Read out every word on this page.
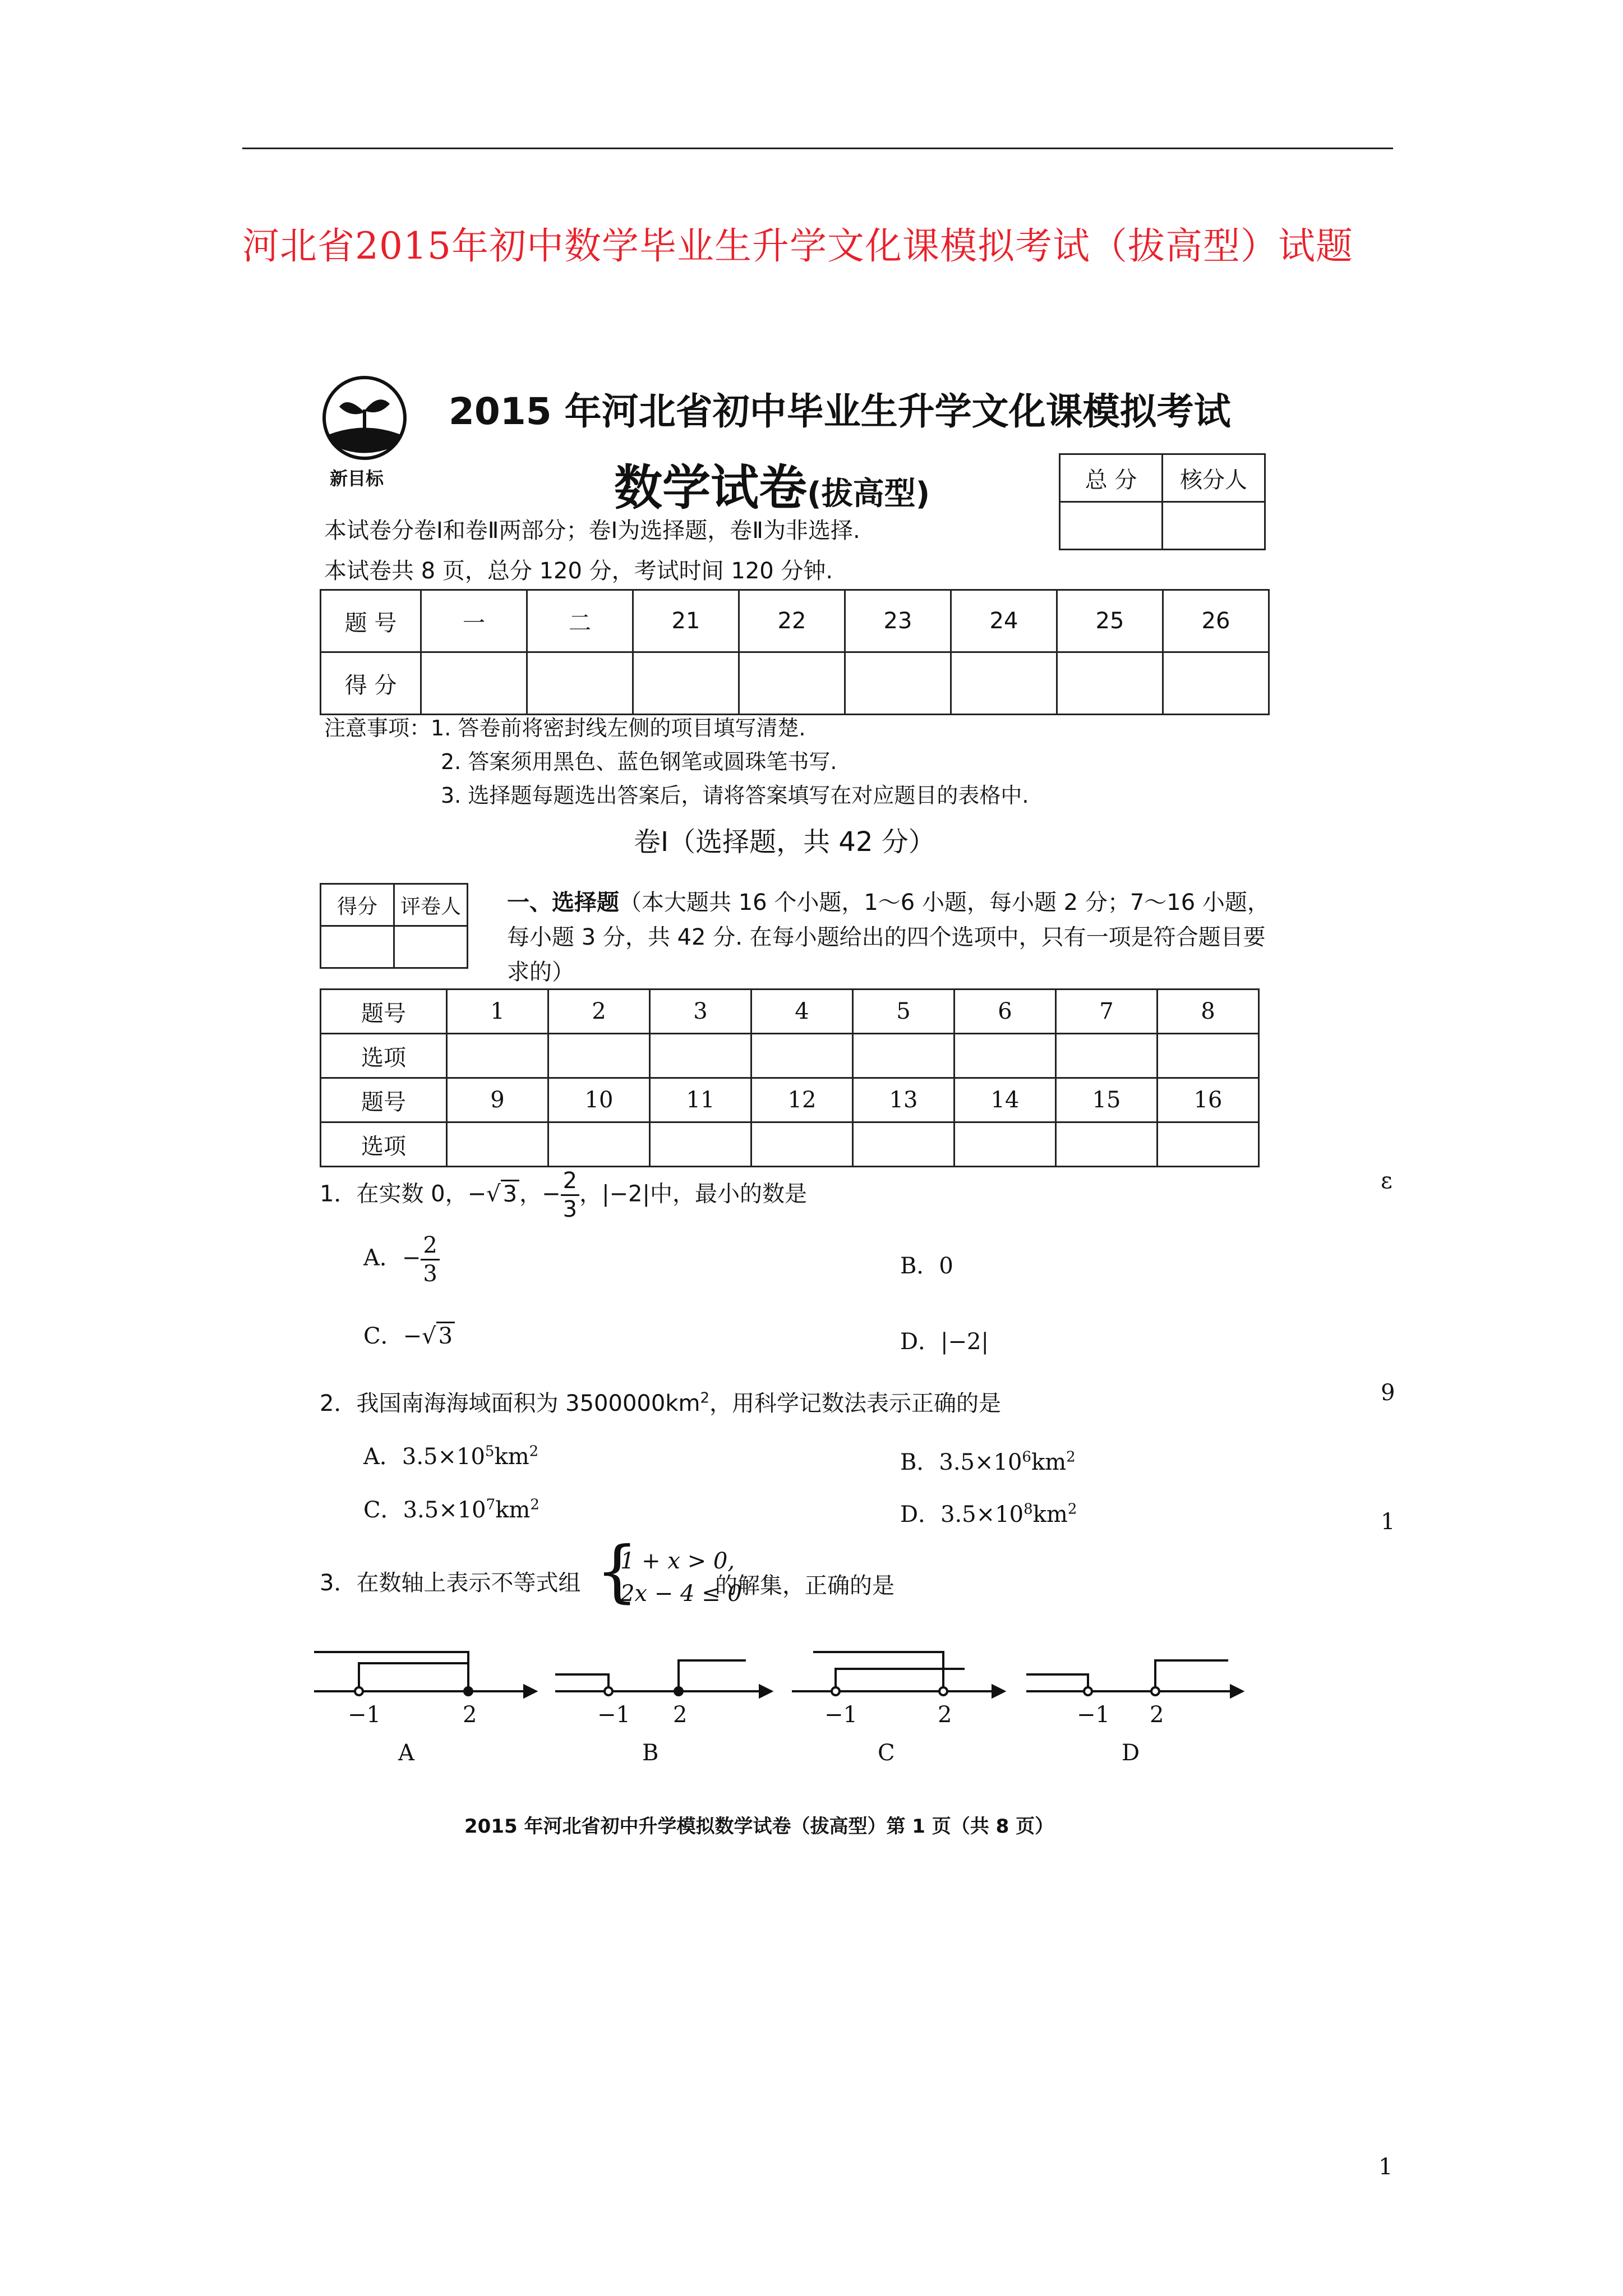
河北省2015年初中数学毕业生升学文化课模拟考试（拔高型）试题
新目标
2015 年河北省初中毕业生升学文化课模拟考试
数学试卷(拔高型)	总 分	核分人

本试卷分卷Ⅰ和卷Ⅱ两部分；卷Ⅰ为选择题，卷Ⅱ为非选择.
本试卷共 8 页，总分 120 分，考试时间 120 分钟.
题 号	一	二	21	22	23	24	25	26
得 分								
注意事项：1. 答卷前将密封线左侧的项目填写清楚.
2. 答案须用黑色、蓝色钢笔或圆珠笔书写.
3. 选择题每题选出答案后，请将答案填写在对应题目的表格中.
卷Ⅰ（选择题，共 42 分）
得分	评卷人
	一、选择题（本大题共 16 个小题，1～6 小题，每小题 2 分；7～16 小题，每小题 3 分，共 42 分. 在每小题给出的四个选项中，只有一项是符合题目要求的）
题号	1	2	3	4	5	6	7	8
选项								
题号	9	10	11	12	13	14	15	16
选项								
1．在实数 0，−√ 3 ，− $\frac{2}{3}$ ，|−2|中，最小的数是
A．− $\frac{2}{3}$	B．0
C．−√ 3	D．|−2|
2．我国南海海域面积为 $3500000km^2$，用科学记数法表示正确的是
A．$3.5\times 10^5km^2$	B．$3.5\times 10^6km^2$
C．$3.5\times 10^7km^2$	D．$3.5\times 10^8km^2$
3．在数轴上表示不等式组 {
1 + x > 0,
2x − 4 ≤ 0
的解集，正确的是
−1	2	−1 2	−1	2	−1 2
A	B	C	D
2015 年河北省初中升学模拟数学试卷（拔高型）第 1 页（共 8 页）
ε
9
1
1
